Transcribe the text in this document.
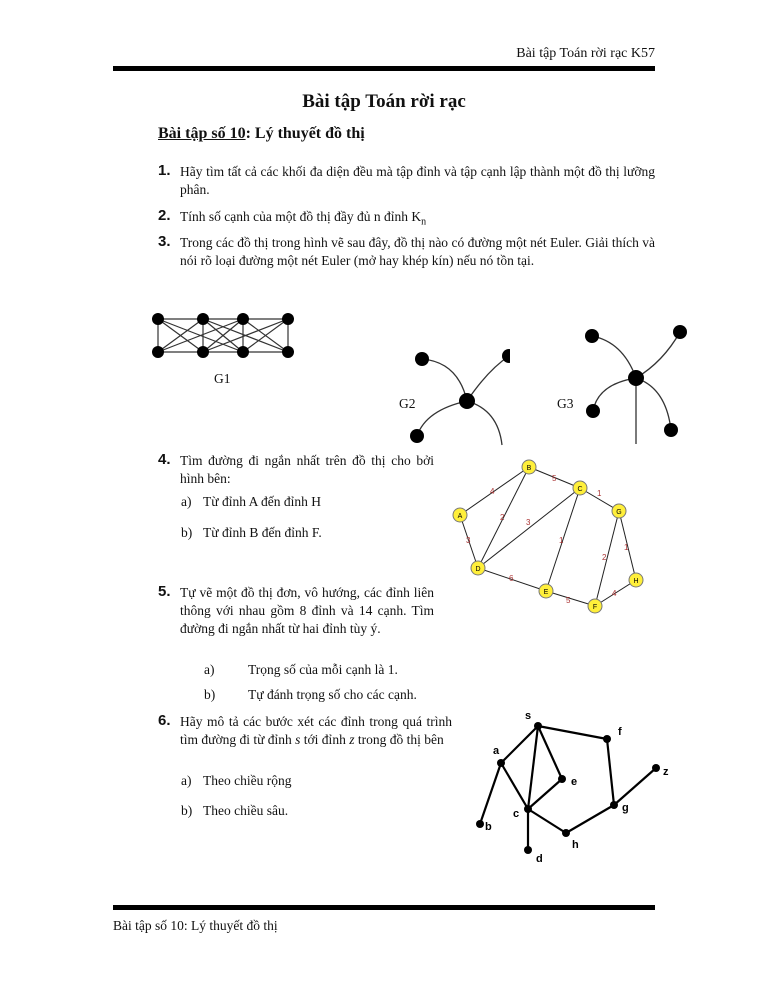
Bài tập Toán rời rạc K57
Bài tập Toán rời rạc
Bài tập số 10: Lý thuyết đồ thị
1. Hãy tìm tất cả các khối đa diện đều mà tập đỉnh và tập cạnh lập thành một đồ thị lưỡng phân.
2. Tính số cạnh của một đồ thị đầy đủ n đỉnh $K_n$
3. Trong các đồ thị trong hình vẽ sau đây, đồ thị nào có đường một nét Euler. Giải thích và nói rõ loại đường một nét Euler (mở hay khép kín) nếu nó tồn tại.
G1
G2	G3
4. Tìm đường đi ngắn nhất trên đồ thị cho bởi hình bên:
a) Từ đỉnh A đến đỉnh H
b) Từ đỉnh B đến đỉnh F.
4
5
1
2
3
3	1
2
1
6
5
4
A
B
C
D
E
F
G
H
5. Tự vẽ một đồ thị đơn, vô hướng, các đỉnh liên thông với nhau gồm 8 đỉnh và 14 cạnh. Tìm đường đi ngắn nhất từ hai đỉnh tùy ý.
a) Trọng số của mỗi cạnh là 1.
b) Tự đánh trọng số cho các cạnh.
6. Hãy mô tả các bước xét các đỉnh trong quá trình tìm đường đi từ đỉnh s tới đỉnh z trong đồ thị bên
a) Theo chiều rộng
b) Theo chiều sâu.
s
f
a
e
z
c	g
b
h
d
Bài tập số 10: Lý thuyết đồ thị
